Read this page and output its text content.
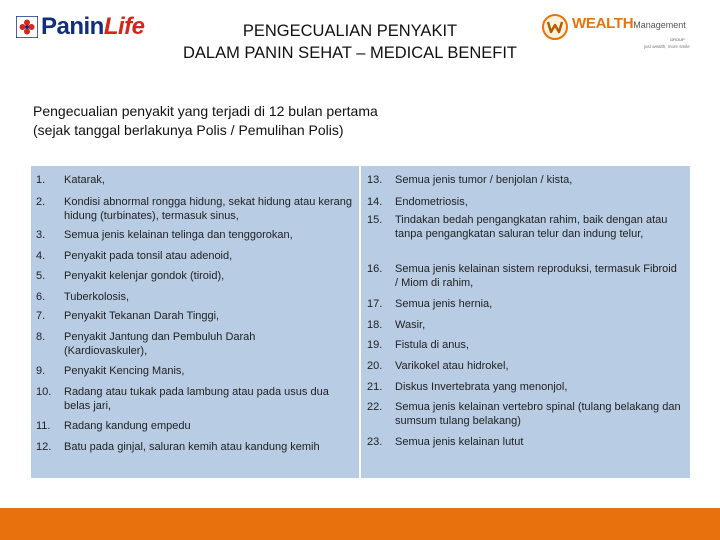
PaninLife	PENGECUALIAN PENYAKIT
DALAM PANIN SEHAT – MEDICAL BENEFIT
WEALTHManagement
GROUP
just wealth, more smile
Pengecualian penyakit yang terjadi di 12 bulan pertama
(sejak tanggal berlakunya Polis / Pemulihan Polis)
1. Katarak,
2. Kondisi abnormal rongga hidung, sekat hidung atau kerang hidung (turbinates), termasuk sinus,
3. Semua jenis kelainan telinga dan tenggorokan,
4. Penyakit pada tonsil atau adenoid,
5. Penyakit kelenjar gondok (tiroid),
6. Tuberkolosis,
7. Penyakit Tekanan Darah Tinggi,
8. Penyakit Jantung dan Pembuluh Darah (Kardiovaskuler),
9. Penyakit Kencing Manis,
10. Radang atau tukak pada lambung atau pada usus dua belas jari,
11. Radang kandung empedu
12. Batu pada ginjal, saluran kemih atau kandung kemih
13. Semua jenis tumor / benjolan / kista,
14. Endometriosis,
15. Tindakan bedah pengangkatan rahim, baik dengan atau tanpa pengangkatan saluran telur dan indung telur,
16. Semua jenis kelainan sistem reproduksi, termasuk Fibroid / Miom di rahim,
17. Semua jenis hernia,
18. Wasir,
19. Fistula di anus,
20. Varikokel atau hidrokel,
21. Diskus Invertebrata yang menonjol,
22. Semua jenis kelainan vertebro spinal (tulang belakang dan sumsum tulang belakang)
23. Semua jenis kelainan lutut
